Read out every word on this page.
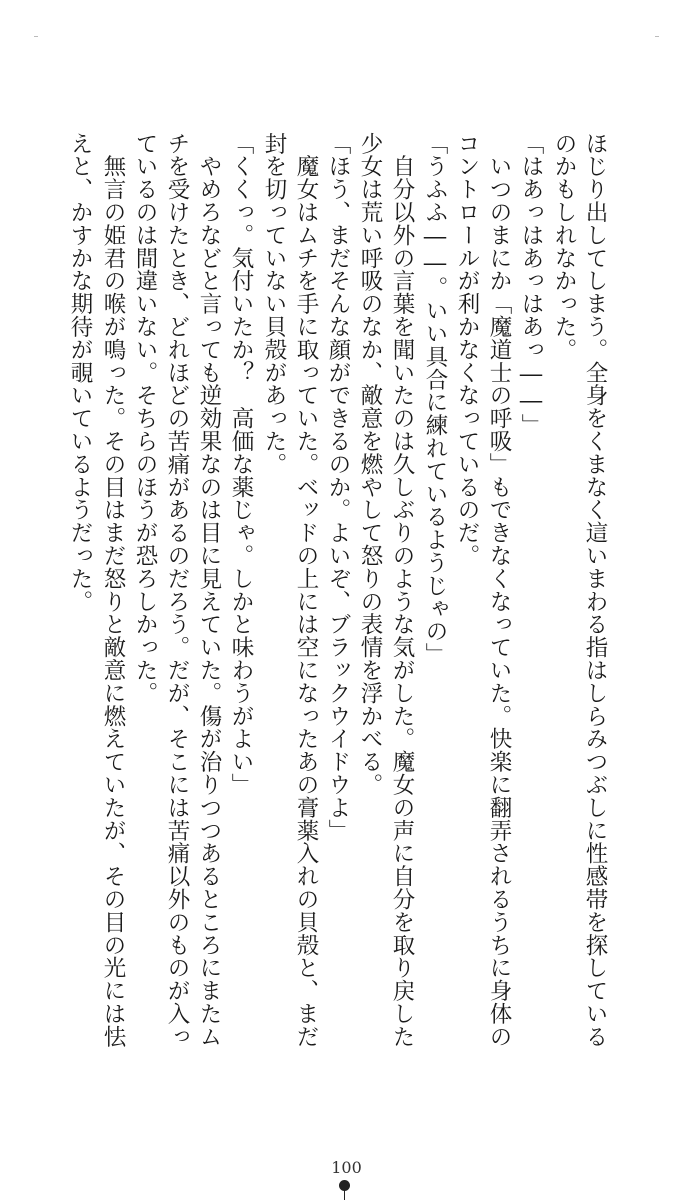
ほじり出してしまう。全身をくまなく這いまわる指はしらみつぶしに性感帯を探している
のかもしれなかった。
「はあっはあっはあっ――」
　いつのまにか「魔道士の呼吸」もできなくなっていた。快楽に翻弄されるうちに身体の
コントロールが利かなくなっているのだ。
「うふふ――。いい具合に練れているようじゃの」
　自分以外の言葉を聞いたのは久しぶりのような気がした。魔女の声に自分を取り戻した
少女は荒い呼吸のなか、敵意を燃やして怒りの表情を浮かべる。
「ほう、まだそんな顔ができるのか。よいぞ、ブラックウイドウよ」
　魔女はムチを手に取っていた。ベッドの上には空になったあの膏薬入れの貝殻と、まだ
封を切っていない貝殻があった。
「くくっ。気付いたか？　高価な薬じゃ。しかと味わうがよい」
　やめろなどと言っても逆効果なのは目に見えていた。傷が治りつつあるところにまたム
チを受けたとき、どれほどの苦痛があるのだろう。だが、そこには苦痛以外のものが入っ
ているのは間違いない。そちらのほうが恐ろしかった。
　無言の姫君の喉が鳴った。その目はまだ怒りと敵意に燃えていたが、その目の光には怯
えと、かすかな期待が覗いているようだった。
100
